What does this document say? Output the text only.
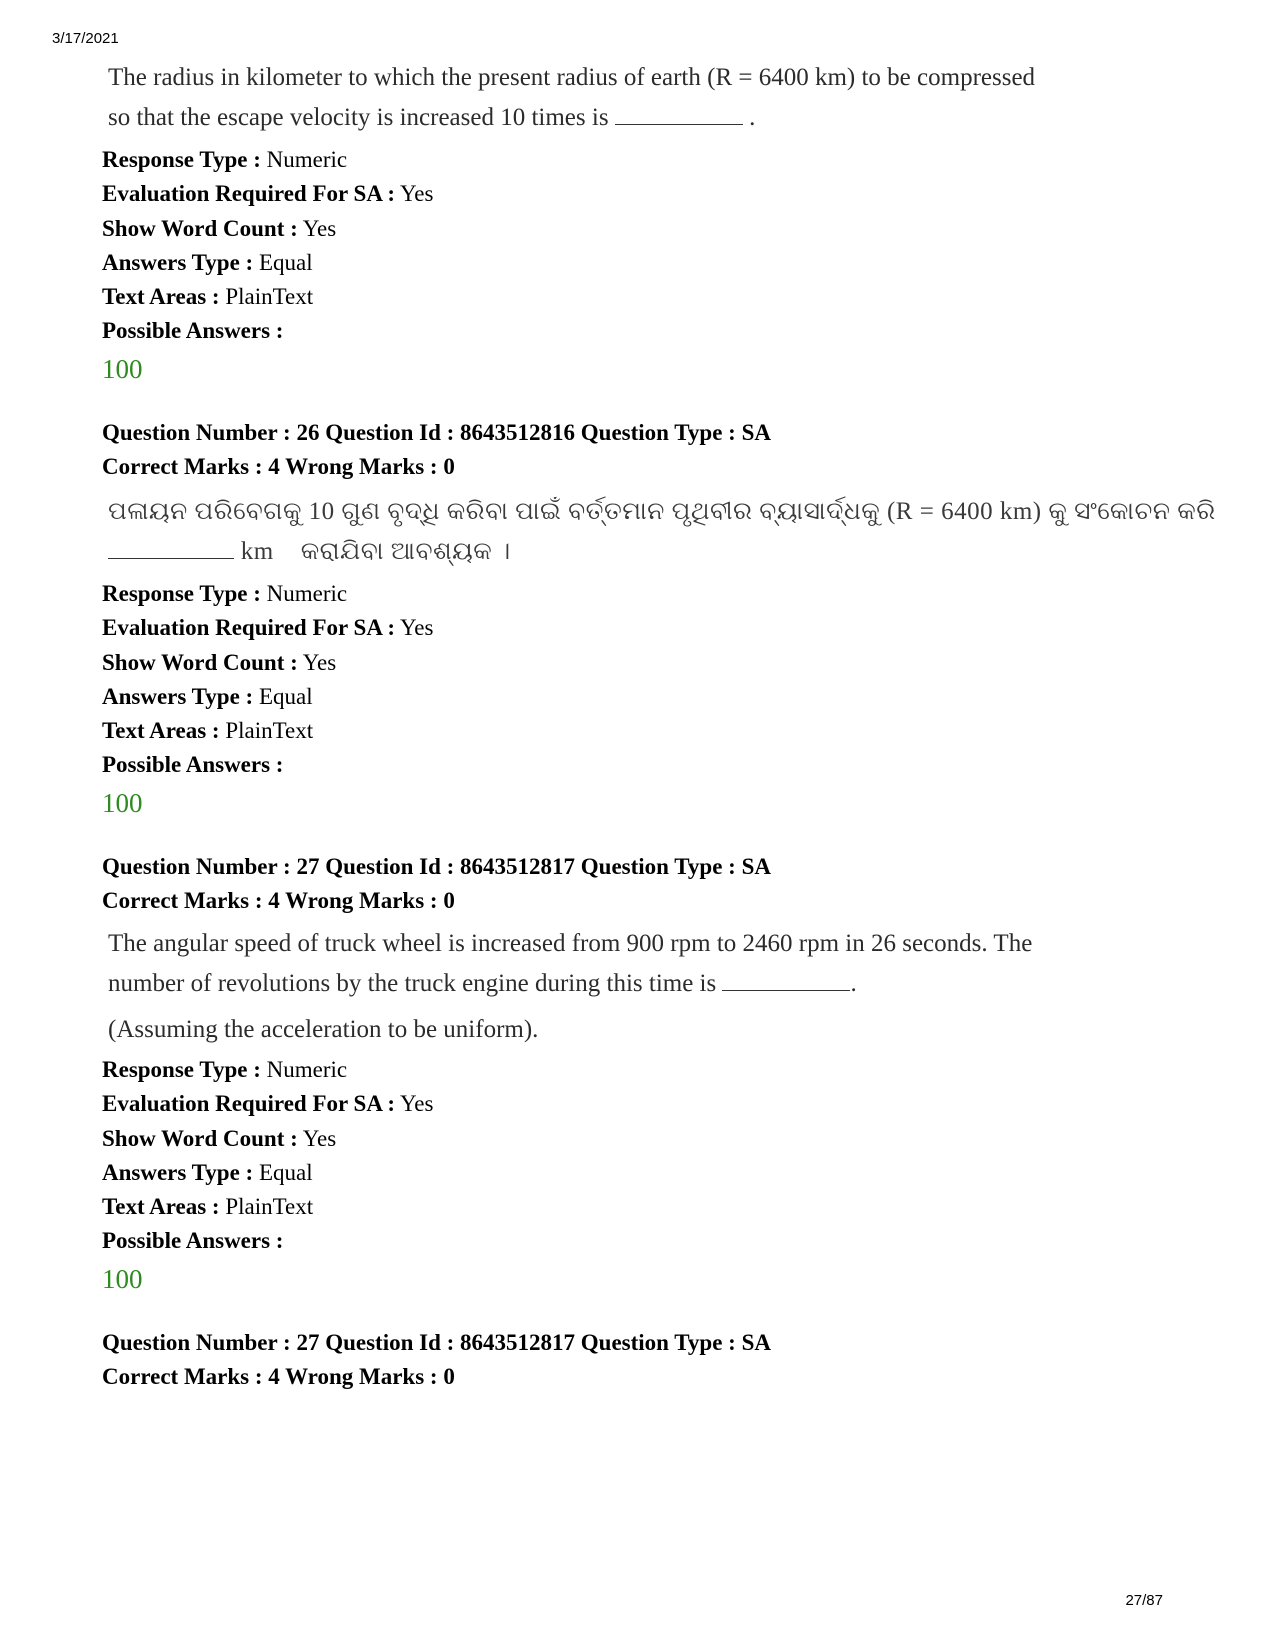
3/17/2021

The radius in kilometer to which the present radius of earth (R = 6400 km) to be compressed

so that the escape velocity is increased 10 times is	.

Response Type : Numeric
Evaluation Required For SA : Yes
Show Word Count : Yes
Answers Type : Equal
Text Areas : PlainText
Possible Answers :
100
Question Number : 26 Question Id : 8643512816 Question Type : SA
Correct Marks : 4 Wrong Marks : 0

ପଳାୟନ ପରିବେଗକୁ 10 ଗୁଣ ବୃଦ୍ଧି କରିବା ପାଇଁ ବର୍ତ୍ତମାନ ପୃଥିବୀର ବ୍ୟାସାର୍ଦ୍ଧକୁ (R = 6400 km) କୁ ସଂକୋଚନ କରି

km କରାଯିବା ଆବଶ୍ୟକ ।

Response Type : Numeric
Evaluation Required For SA : Yes
Show Word Count : Yes
Answers Type : Equal
Text Areas : PlainText
Possible Answers :
100
Question Number : 27 Question Id : 8643512817 Question Type : SA
Correct Marks : 4 Wrong Marks : 0

The angular speed of truck wheel is increased from 900 rpm to 2460 rpm in 26 seconds. The

number of revolutions by the truck engine during this time is	.

(Assuming the acceleration to be uniform).

Response Type : Numeric
Evaluation Required For SA : Yes
Show Word Count : Yes
Answers Type : Equal
Text Areas : PlainText
Possible Answers :
100
Question Number : 27 Question Id : 8643512817 Question Type : SA
Correct Marks : 4 Wrong Marks : 0
27/87
